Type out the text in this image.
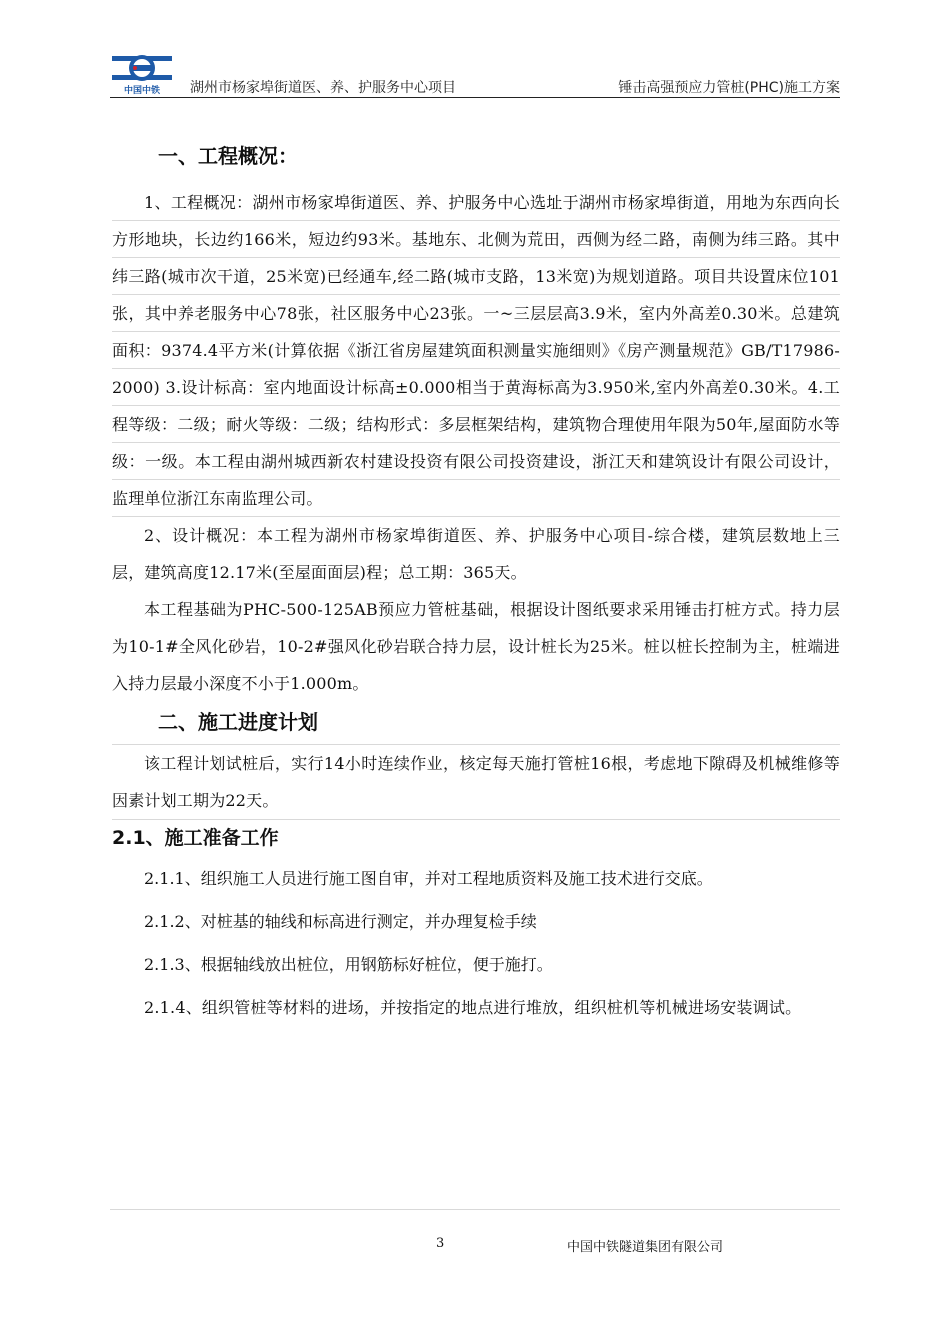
中国中铁	湖州市杨家埠街道医、养、护服务中心项目	锤击高强预应力管桩(PHC)施工方案
一、工程概况：

1、工程概况：湖州市杨家埠街道医、养、护服务中心选址于湖州市杨家埠街道，用地为东西向长方形地块，长边约166米，短边约93米。基地东、北侧为荒田，西侧为经二路，南侧为纬三路。其中纬三路(城市次干道，25米宽)已经通车,经二路(城市支路，13米宽)为规划道路。项目共设置床位101张，其中养老服务中心78张，社区服务中心23张。一~三层层高3.9米，室内外高差0.30米。总建筑面积：9374.4平方米(计算依据《浙江省房屋建筑面积测量实施细则》《房产测量规范》GB/T17986-2000) 3.设计标高：室内地面设计标高±0.000相当于黄海标高为3.950米,室内外高差0.30米。4.工程等级：二级；耐火等级：二级；结构形式：多层框架结构，建筑物合理使用年限为50年,屋面防水等级：一级。本工程由湖州城西新农村建设投资有限公司投资建设，浙江天和建筑设计有限公司设计，监理单位浙江东南监理公司。

2、设计概况：本工程为湖州市杨家埠街道医、养、护服务中心项目-综合楼，建筑层数地上三层，建筑高度12.17米(至屋面面层)程；总工期：365天。

本工程基础为PHC-500-125AB预应力管桩基础，根据设计图纸要求采用锤击打桩方式。持力层为10-1#全风化砂岩，10-2#强风化砂岩联合持力层，设计桩长为25米。桩以桩长控制为主，桩端进入持力层最小深度不小于1.000m。

二、施工进度计划

该工程计划试桩后，实行14小时连续作业，核定每天施打管桩16根，考虑地下隙碍及机械维修等因素计划工期为22天。

2.1、施工准备工作

2.1.1、组织施工人员进行施工图自审，并对工程地质资料及施工技术进行交底。

2.1.2、对桩基的轴线和标高进行测定，并办理复检手续

2.1.3、根据轴线放出桩位，用钢筋标好桩位，便于施打。

2.1.4、组织管桩等材料的进场，并按指定的地点进行堆放，组织桩机等机械进场安装调试。

3	中国中铁隧道集团有限公司
